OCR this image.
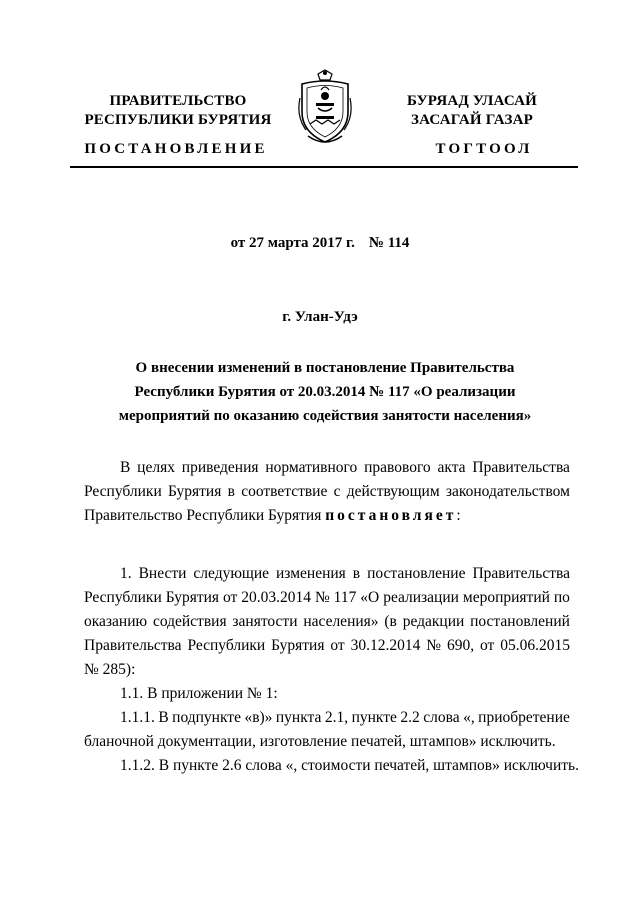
ПРАВИТЕЛЬСТВО
РЕСПУБЛИКИ БУРЯТИЯ
БУРЯАД УЛАСАЙ
ЗАСАГАЙ ГАЗАР
ПОСТАНОВЛЕНИЕ	ТОГТООЛ
от 27 марта 2017 г. № 114
г. Улан-Удэ
О внесении изменений в постановление Правительства
Республики Бурятия от 20.03.2014 № 117 «О реализации
мероприятий по оказанию содействия занятости населения»
В целях приведения нормативного правового акта Правительства
Республики Бурятия в соответствие с действующим законодательством
Правительство Республики Бурятия постановляет :
1. Внести следующие изменения в постановление Правительства
Республики Бурятия от 20.03.2014 № 117 «О реализации мероприятий по
оказанию содействия занятости населения» (в редакции постановлений
Правительства Республики Бурятия от 30.12.2014 № 690, от 05.06.2015
№ 285):
1.1. В приложении № 1:
1.1.1. В подпункте «в)» пункта 2.1, пункте 2.2 слова «, приобретение
бланочной документации, изготовление печатей, штампов» исключить.
1.1.2. В пункте 2.6 слова «, стоимости печатей, штампов» исключить.
